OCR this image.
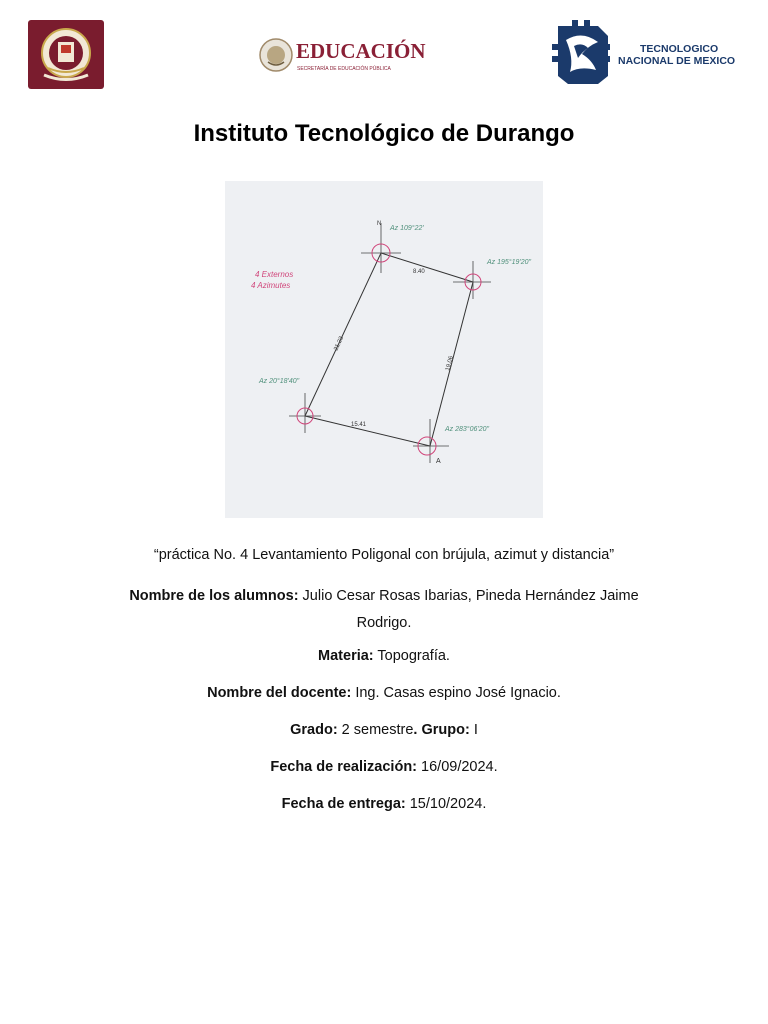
EDUCACIÓN
SECRETARÍA DE EDUCACIÓN PÚBLICA
TECNOLOGICO
NACIONAL DE MEXICO
Instituto Tecnológico de Durango
N
A
4 Externos
4 Azimutes
Az 109°22'
Az 195°19'20"
Az 20°18'40"
Az 283°06'20"
8.40
21.23
19.06
15.41

“práctica No. 4 Levantamiento Poligonal con brújula, azimut y distancia”

Nombre de los alumnos: Julio Cesar Rosas Ibarias, Pineda Hernández Jaime Rodrigo.

Materia: Topografía.

Nombre del docente: Ing. Casas espino José Ignacio.

Grado: 2 semestre. Grupo: I

Fecha de realización: 16/09/2024.

Fecha de entrega: 15/10/2024.
